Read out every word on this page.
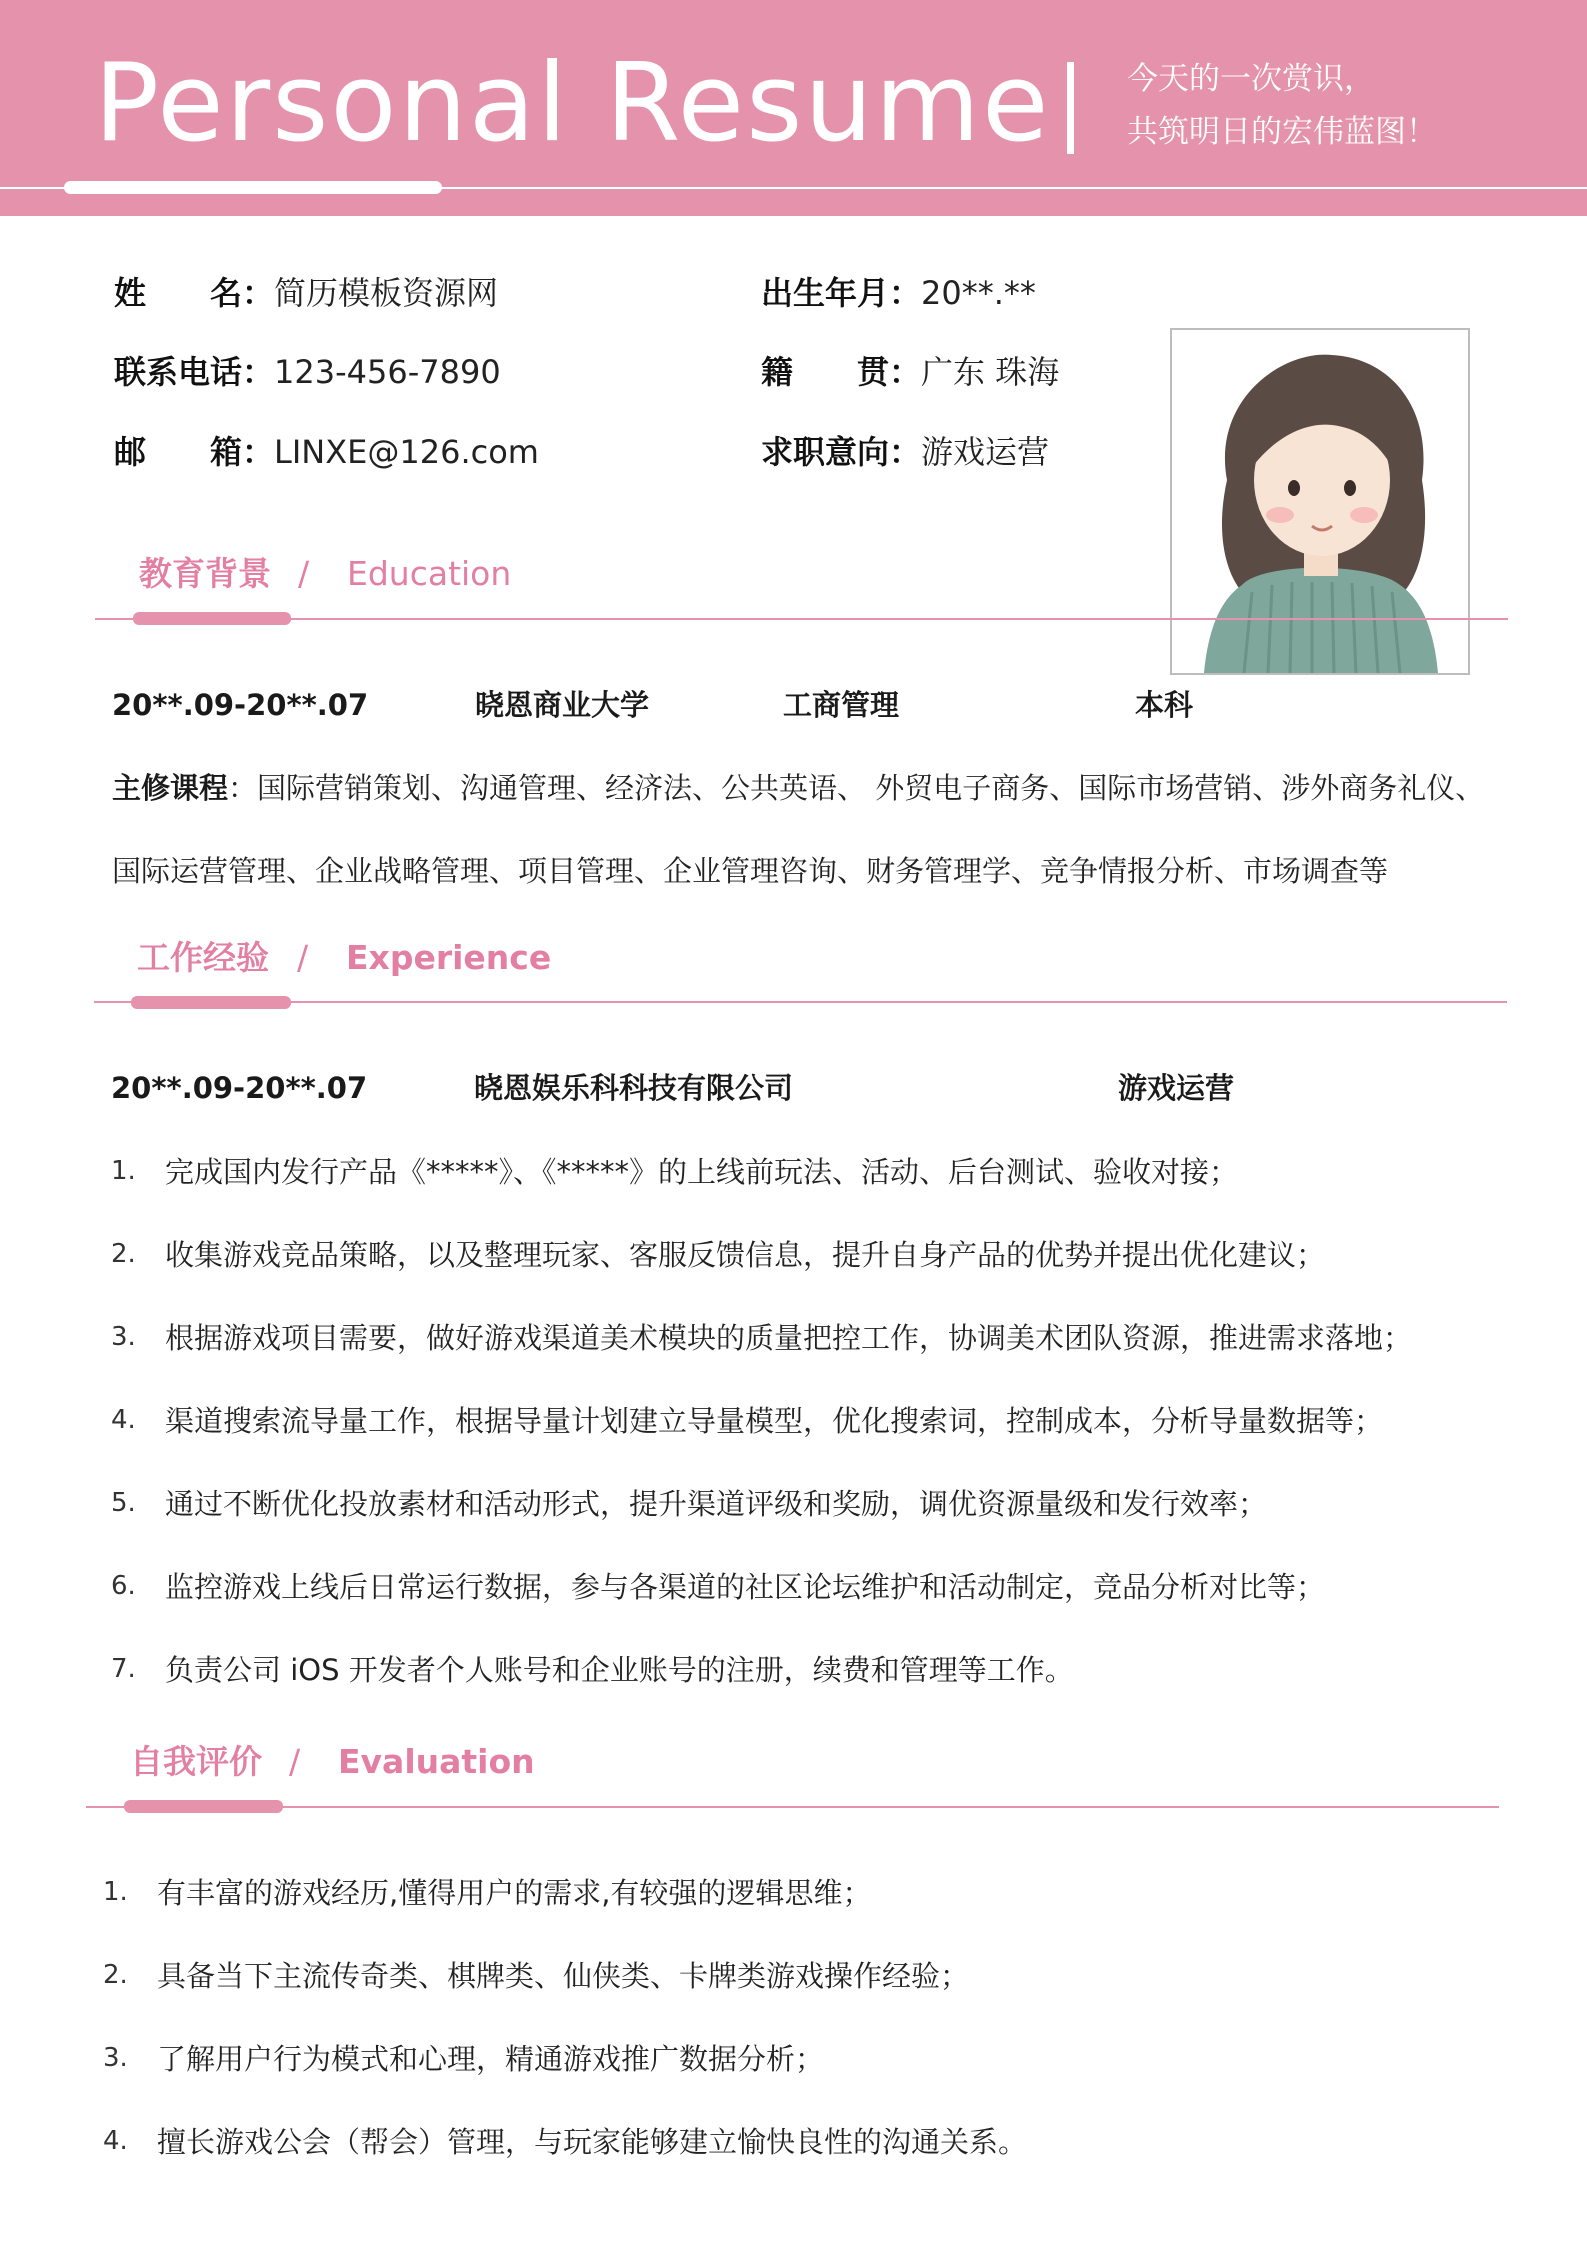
Personal Resume 今天的一次赏识，
共筑明日的宏伟蓝图！
姓　　名：简历模板资源网
联系电话：123-456-7890
邮　　箱：LINXE@126.com
出生年月：20**.**
籍　　贯：广东 珠海
求职意向：游戏运营
教育背景 / Education
20**.09-20**.07	晓恩商业大学	工商管理	本科
主修课程：国际营销策划、沟通管理、经济法、公共英语、 外贸电子商务、国际市场营销、涉外商务礼仪、
国际运营管理、企业战略管理、项目管理、企业管理咨询、财务管理学、竞争情报分析、市场调查等
工作经验 / Experience
20**.09-20**.07	晓恩娱乐科科技有限公司	游戏运营
1. 完成国内发行产品《*****》、《*****》的上线前玩法、活动、后台测试、验收对接；
2. 收集游戏竞品策略，以及整理玩家、客服反馈信息，提升自身产品的优势并提出优化建议；
3. 根据游戏项目需要，做好游戏渠道美术模块的质量把控工作，协调美术团队资源，推进需求落地；
4. 渠道搜索流导量工作，根据导量计划建立导量模型，优化搜索词，控制成本，分析导量数据等；
5. 通过不断优化投放素材和活动形式，提升渠道评级和奖励，调优资源量级和发行效率；
6. 监控游戏上线后日常运行数据，参与各渠道的社区论坛维护和活动制定，竞品分析对比等；
7. 负责公司 iOS 开发者个人账号和企业账号的注册，续费和管理等工作。
自我评价 / Evaluation
1. 有丰富的游戏经历,懂得用户的需求,有较强的逻辑思维；
2. 具备当下主流传奇类、棋牌类、仙侠类、卡牌类游戏操作经验；
3. 了解用户行为模式和心理，精通游戏推广数据分析；
4. 擅长游戏公会（帮会）管理，与玩家能够建立愉快良性的沟通关系。
